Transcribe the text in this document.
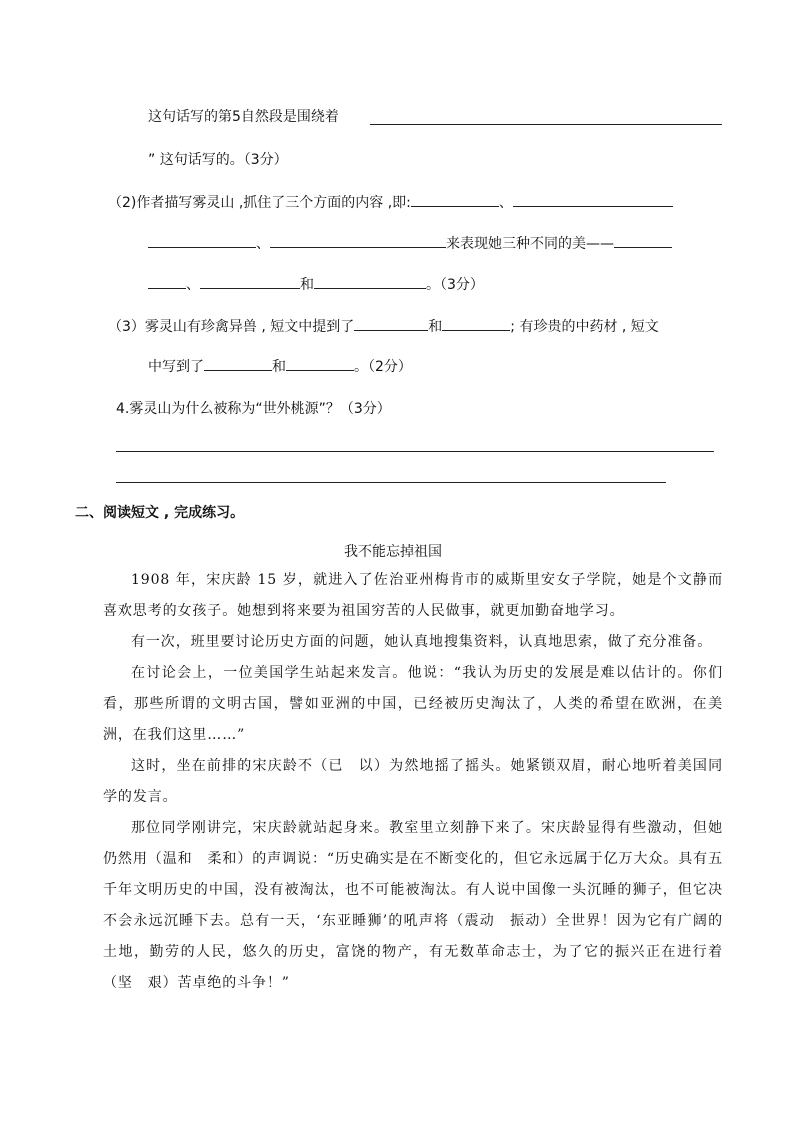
这句话写的第5自然段是围绕着
” 这句话写的。（3分）
（2)作者描写雾灵山 ,抓住了三个方面的内容 ,即:	、
、	来表现她三种不同的美——
、	和	。（3分）
（3）雾灵山有珍禽异兽 , 短文中提到了	和	; 有珍贵的中药材 , 短文
中写到了	和	。（2分）
4.雾灵山为什么被称为“世外桃源”？（3分）
二、阅读短文 , 完成练习。
我不能忘掉祖国
1908 年，宋庆龄 15 岁，就进入了佐治亚州梅肯市的威斯里安女子学院，她是个文静而喜欢思考的女孩子。她想到将来要为祖国穷苦的人民做事，就更加勤奋地学习。
有一次，班里要讨论历史方面的问题，她认真地搜集资料，认真地思索，做了充分准备。
在讨论会上，一位美国学生站起来发言。他说：“我认为历史的发展是难以估计的。你们看，那些所谓的文明古国，譬如亚洲的中国，已经被历史淘汰了，人类的希望在欧洲，在美洲，在我们这里……”
这时，坐在前排的宋庆龄不（已　以）为然地摇了摇头。她紧锁双眉，耐心地听着美国同学的发言。
那位同学刚讲完，宋庆龄就站起身来。教室里立刻静下来了。宋庆龄显得有些激动，但她仍然用（温和　柔和）的声调说：“历史确实是在不断变化的，但它永远属于亿万大众。具有五千年文明历史的中国，没有被淘汰，也不可能被淘汰。有人说中国像一头沉睡的狮子，但它决不会永远沉睡下去。总有一天，‘东亚睡狮’的吼声将（震动　振动）全世界！因为它有广阔的土地，勤劳的人民，悠久的历史，富饶的物产，有无数革命志士，为了它的振兴正在进行着（坚　艰）苦卓绝的斗争！”
